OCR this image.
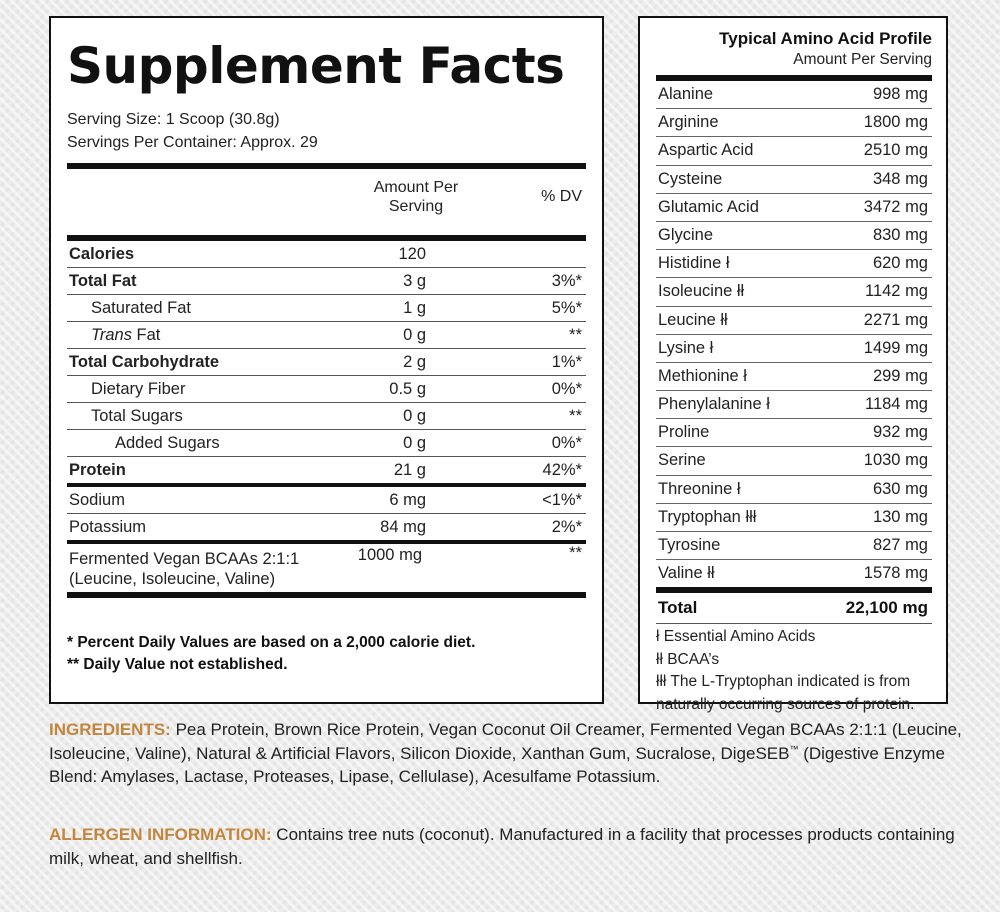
Supplement Facts
Serving Size: 1 Scoop (30.8g)
Servings Per Container: Approx. 29
Amount Per
Serving
% DV
Calories	120
Total Fat	3 g	3%*
Saturated Fat	1 g	5%*
Trans Fat	0 g	**
Total Carbohydrate	2 g	1%*
Dietary Fiber	0.5 g	0%*
Total Sugars	0 g	**
Added Sugars	0 g	0%*
Protein	21 g	42%*
Sodium	6 mg	<1%*
Potassium	84 mg	2%*
Fermented Vegan BCAAs 2:1:1
(Leucine, Isoleucine, Valine)
1000 mg	**
* Percent Daily Values are based on a 2,000 calorie diet.
** Daily Value not established.
Typical Amino Acid Profile
Amount Per Serving
Alanine	998 mg
Arginine	1800 mg
Aspartic Acid	2510 mg
Cysteine	348 mg
Glutamic Acid	3472 mg
Glycine	830 mg
Histidine ł	620 mg
Isoleucine łł	1142 mg
Leucine łł	2271 mg
Lysine ł	1499 mg
Methionine ł	299 mg
Phenylalanine ł	1184 mg
Proline	932 mg
Serine	1030 mg
Threonine ł	630 mg
Tryptophan łłł	130 mg
Tyrosine	827 mg
Valine łł	1578 mg
Total	22,100 mg
ł Essential Amino Acids
łł BCAA’s
łłł The L-Tryptophan indicated is from
naturally occurring sources of protein.
INGREDIENTS: Pea Protein, Brown Rice Protein, Vegan Coconut Oil Creamer, Fermented Vegan BCAAs 2:1:1 (Leucine, Isoleucine, Valine), Natural & Artificial Flavors, Silicon Dioxide, Xanthan Gum, Sucralose, DigeSEB™ (Digestive Enzyme Blend: Amylases, Lactase, Proteases, Lipase, Cellulase), Acesulfame Potassium.
ALLERGEN INFORMATION: Contains tree nuts (coconut). Manufactured in a facility that processes products containing milk, wheat, and shellfish.
